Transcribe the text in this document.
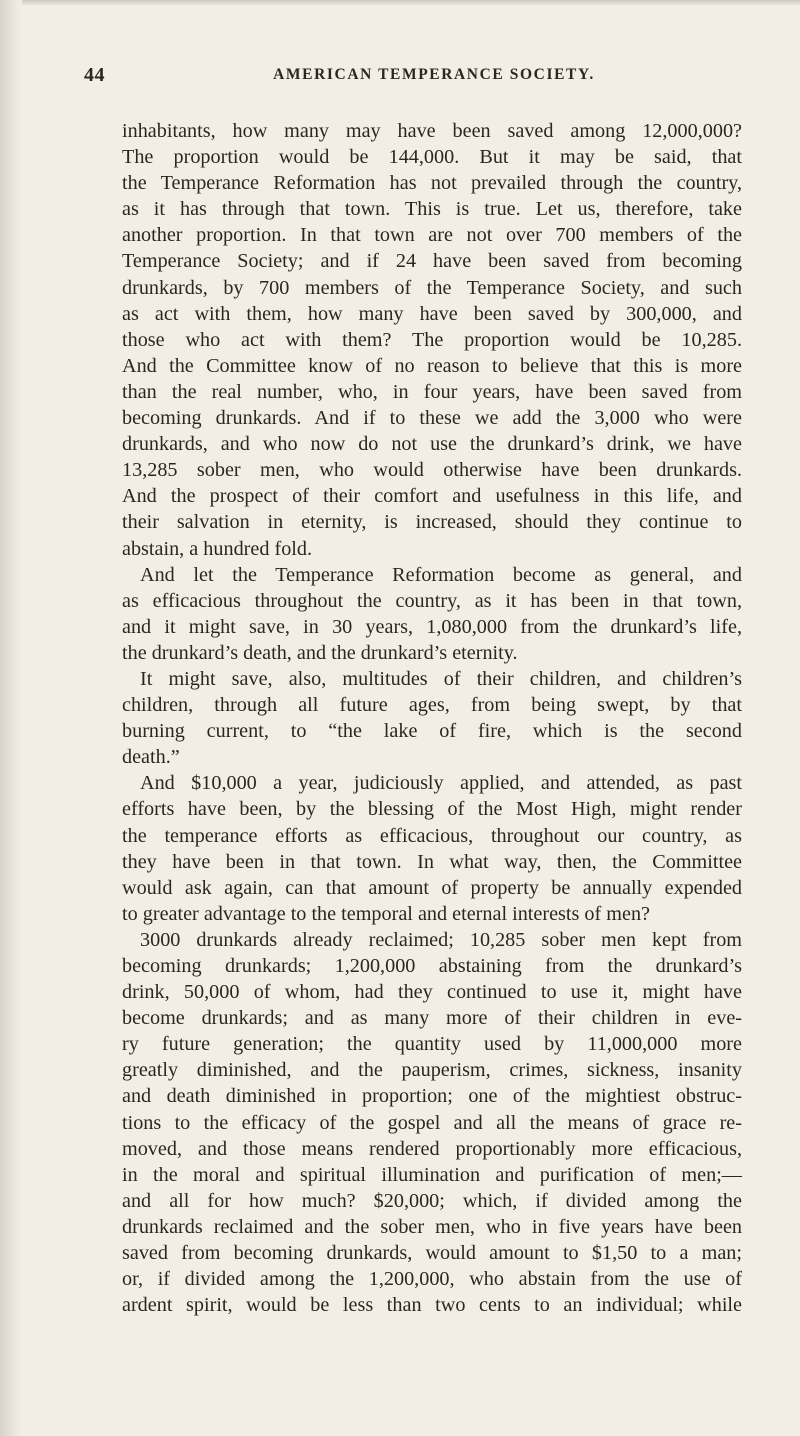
44	AMERICAN TEMPERANCE SOCIETY.
inhabitants, how many may have been saved among 12,000,000?
The proportion would be 144,000. But it may be said, that
the Temperance Reformation has not prevailed through the country,
as it has through that town. This is true. Let us, therefore, take
another proportion. In that town are not over 700 members of the
Temperance Society; and if 24 have been saved from becoming
drunkards, by 700 members of the Temperance Society, and such
as act with them, how many have been saved by 300,000, and
those who act with them? The proportion would be 10,285.
And the Committee know of no reason to believe that this is more
than the real number, who, in four years, have been saved from
becoming drunkards. And if to these we add the 3,000 who were
drunkards, and who now do not use the drunkard’s drink, we have
13,285 sober men, who would otherwise have been drunkards.
And the prospect of their comfort and usefulness in this life, and
their salvation in eternity, is increased, should they continue to
abstain, a hundred fold.
And let the Temperance Reformation become as general, and
as efficacious throughout the country, as it has been in that town,
and it might save, in 30 years, 1,080,000 from the drunkard’s life,
the drunkard’s death, and the drunkard’s eternity.
It might save, also, multitudes of their children, and children’s
children, through all future ages, from being swept, by that
burning current, to “the lake of fire, which is the second
death.”
And $10,000 a year, judiciously applied, and attended, as past
efforts have been, by the blessing of the Most High, might render
the temperance efforts as efficacious, throughout our country, as
they have been in that town. In what way, then, the Committee
would ask again, can that amount of property be annually expended
to greater advantage to the temporal and eternal interests of men?
3000 drunkards already reclaimed; 10,285 sober men kept from
becoming drunkards; 1,200,000 abstaining from the drunkard’s
drink, 50,000 of whom, had they continued to use it, might have
become drunkards; and as many more of their children in eve-
ry future generation; the quantity used by 11,000,000 more
greatly diminished, and the pauperism, crimes, sickness, insanity
and death diminished in proportion; one of the mightiest obstruc-
tions to the efficacy of the gospel and all the means of grace re-
moved, and those means rendered proportionably more efficacious,
in the moral and spiritual illumination and purification of men;—
and all for how much? $20,000; which, if divided among the
drunkards reclaimed and the sober men, who in five years have been
saved from becoming drunkards, would amount to $1,50 to a man;
or, if divided among the 1,200,000, who abstain from the use of
ardent spirit, would be less than two cents to an individual; while
